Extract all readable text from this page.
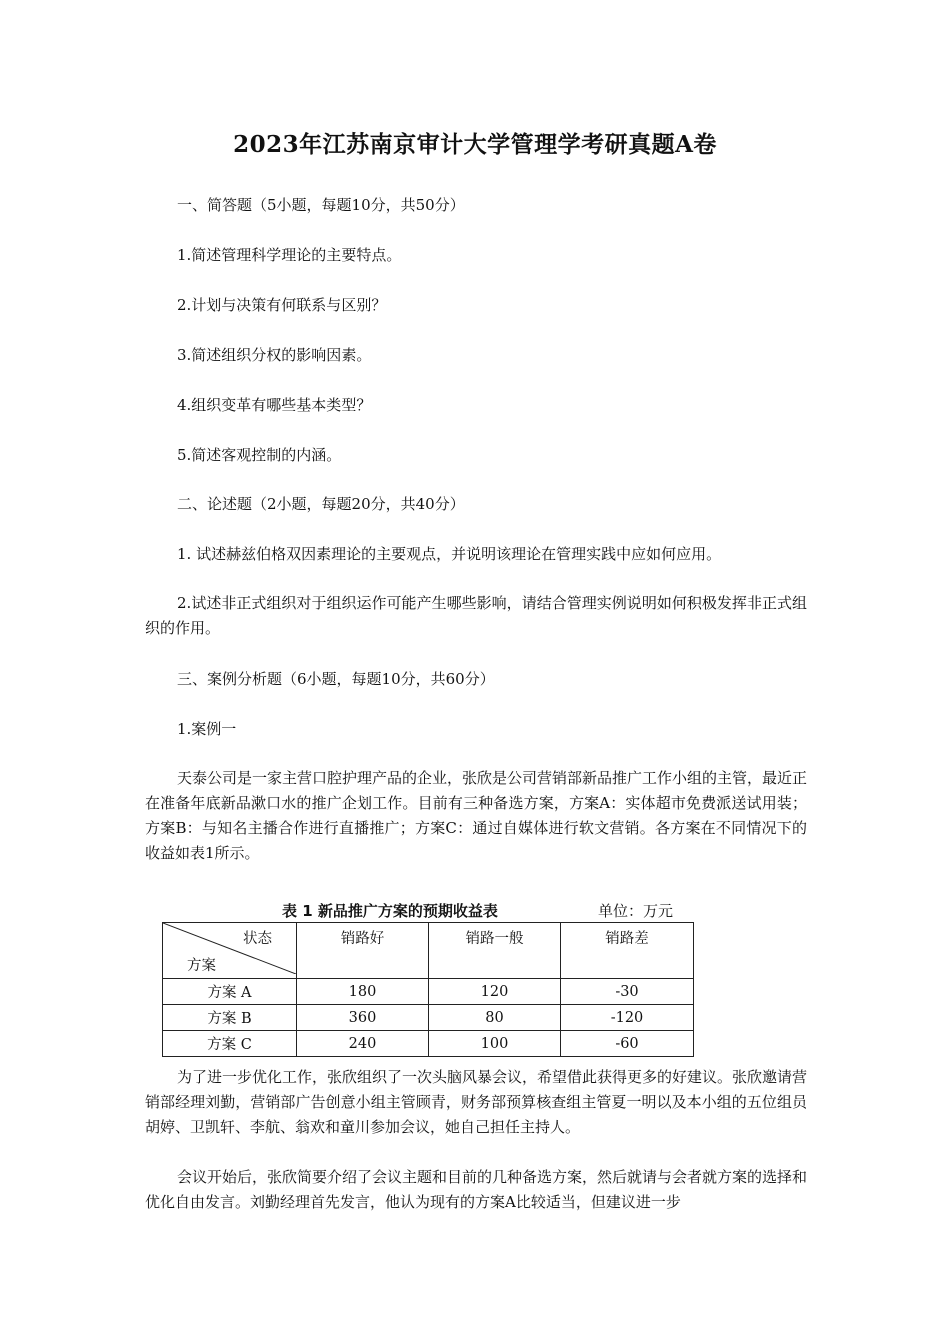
2023年江苏南京审计大学管理学考研真题A卷
一、简答题（5小题，每题10分，共50分）
1.简述管理科学理论的主要特点。
2.计划与决策有何联系与区别？
3.简述组织分权的影响因素。
4.组织变革有哪些基本类型？
5.简述客观控制的内涵。
二、论述题（2小题，每题20分，共40分）
1. 试述赫兹伯格双因素理论的主要观点，并说明该理论在管理实践中应如何应用。
2.试述非正式组织对于组织运作可能产生哪些影响，请结合管理实例说明如何积极发挥非正式组织的作用。
三、案例分析题（6小题，每题10分，共60分）
1.案例一
天泰公司是一家主营口腔护理产品的企业，张欣是公司营销部新品推广工作小组的主管，最近正在准备年底新品漱口水的推广企划工作。目前有三种备选方案，方案A：实体超市免费派送试用装；方案B：与知名主播合作进行直播推广；方案C：通过自媒体进行软文营销。各方案在不同情况下的收益如表1所示。
表 1 新品推广方案的预期收益表	单位：万元
状态
方案	销路好	销路一般	销路差
方案 A	180	120	-30
方案 B	360	80	-120
方案 C	240	100	-60
为了进一步优化工作，张欣组织了一次头脑风暴会议，希望借此获得更多的好建议。张欣邀请营销部经理刘勤，营销部广告创意小组主管顾青，财务部预算核查组主管夏一明以及本小组的五位组员胡婷、卫凯轩、李航、翁欢和童川参加会议，她自己担任主持人。
会议开始后，张欣简要介绍了会议主题和目前的几种备选方案，然后就请与会者就方案的选择和优化自由发言。刘勤经理首先发言，他认为现有的方案A比较适当，但建议进一步
